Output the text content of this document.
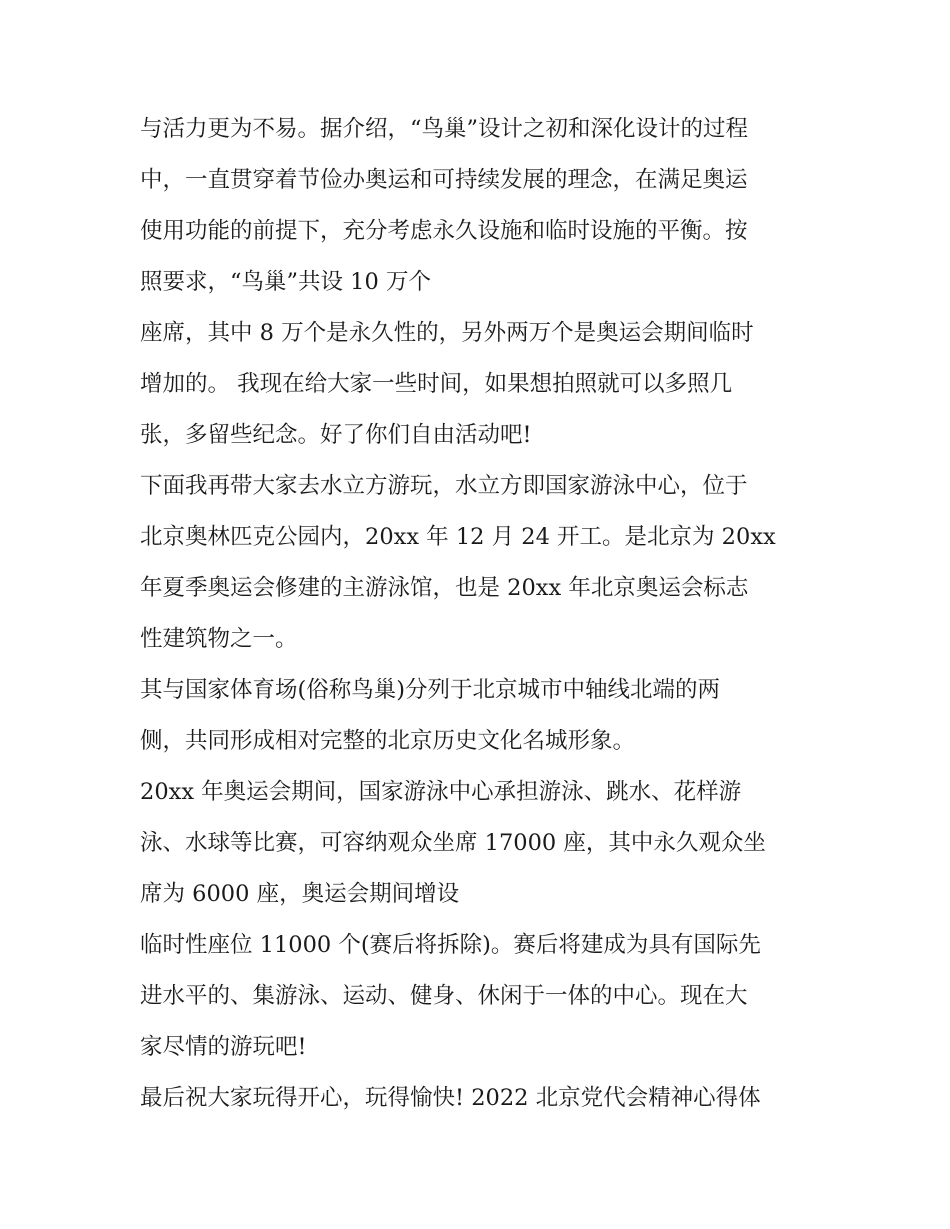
与活力更为不易。据介绍，“鸟巢”设计之初和深化设计的过程
中，一直贯穿着节俭办奥运和可持续发展的理念，在满足奥运
使用功能的前提下，充分考虑永久设施和临时设施的平衡。按
照要求，“鸟巢”共设 10 万个
座席，其中 8 万个是永久性的，另外两万个是奥运会期间临时
增加的。 我现在给大家一些时间，如果想拍照就可以多照几
张，多留些纪念。好了你们自由活动吧!
下面我再带大家去水立方游玩，水立方即国家游泳中心，位于
北京奥林匹克公园内，20xx 年 12 月 24 开工。是北京为 20xx
年夏季奥运会修建的主游泳馆，也是 20xx 年北京奥运会标志
性建筑物之一。
其与国家体育场(俗称鸟巢)分列于北京城市中轴线北端的两
侧，共同形成相对完整的北京历史文化名城形象。
20xx 年奥运会期间，国家游泳中心承担游泳、跳水、花样游
泳、水球等比赛，可容纳观众坐席 17000 座，其中永久观众坐
席为 6000 座，奥运会期间增设
临时性座位 11000 个(赛后将拆除)。赛后将建成为具有国际先
进水平的、集游泳、运动、健身、休闲于一体的中心。现在大
家尽情的游玩吧!
最后祝大家玩得开心，玩得愉快! 2022 北京党代会精神心得体
